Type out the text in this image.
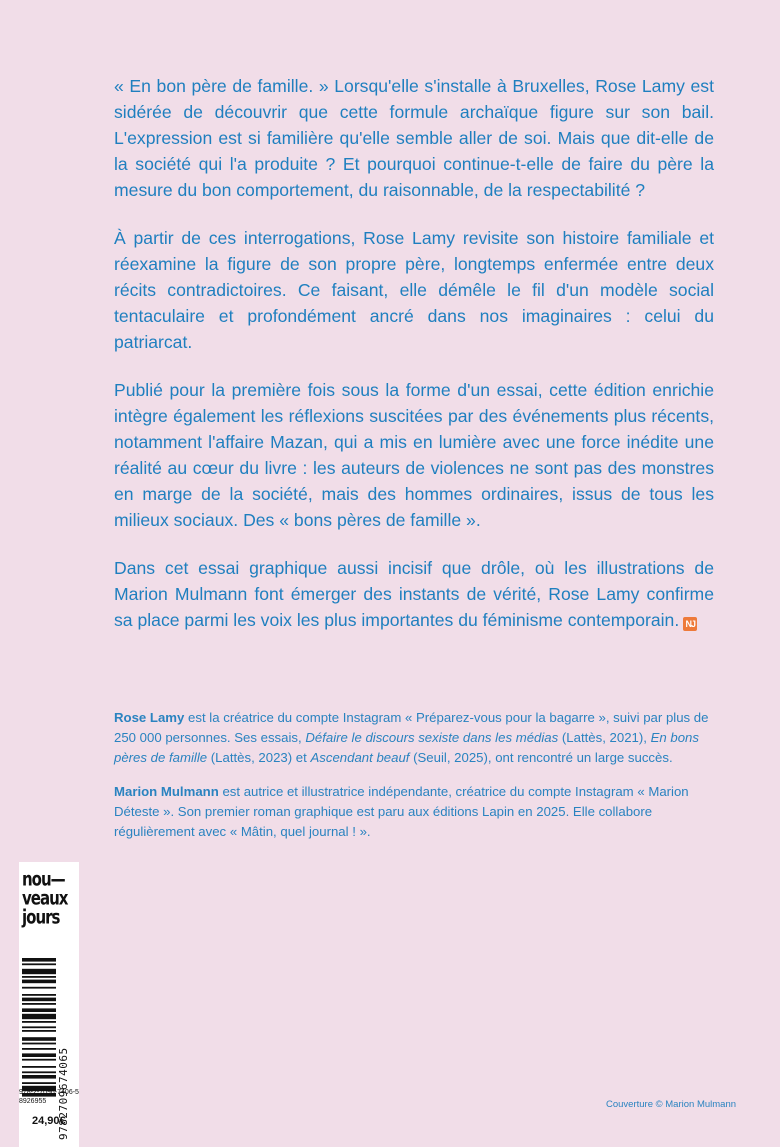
« En bon père de famille. » Lorsqu'elle s'installe à Bruxelles, Rose Lamy est sidérée de découvrir que cette formule archaïque figure sur son bail. L'expression est si familière qu'elle semble aller de soi. Mais que dit-elle de la société qui l'a produite ? Et pourquoi continue-t-elle de faire du père la mesure du bon comportement, du raisonnable, de la respectabilité ?

À partir de ces interrogations, Rose Lamy revisite son histoire familiale et réexamine la figure de son propre père, longtemps enfermée entre deux récits contradictoires. Ce faisant, elle démêle le fil d'un modèle social tentaculaire et profondément ancré dans nos imaginaires : celui du patriarcat.

Publié pour la première fois sous la forme d'un essai, cette édition enrichie intègre également les réflexions suscitées par des événements plus récents, notamment l'affaire Mazan, qui a mis en lumière avec une force inédite une réalité au cœur du livre : les auteurs de violences ne sont pas des monstres en marge de la société, mais des hommes ordinaires, issus de tous les milieux sociaux. Des « bons pères de famille ».

Dans cet essai graphique aussi incisif que drôle, où les illustrations de Marion Mulmann font émerger des instants de vérité, Rose Lamy confirme sa place parmi les voix les plus importantes du féminisme contemporain. NJ

Rose Lamy est la créatrice du compte Instagram « Préparez-vous pour la bagarre », suivi par plus de 250 000 personnes. Ses essais, Défaire le discours sexiste dans les médias (Lattès, 2021), En bons pères de famille (Lattès, 2023) et Ascendant beauf (Seuil, 2025), ont rencontré un large succès.

Marion Mulmann est autrice et illustratrice indépendante, créatrice du compte Instagram « Marion Déteste ». Son premier roman graphique est paru aux éditions Lapin en 2025. Elle collabore régulièrement avec « Mâtin, quel journal ! ».

nou—
veaux
jours
9782709674065
978-2-7096-7406-5
8926955
24,90€
Couverture © Marion Mulmann
